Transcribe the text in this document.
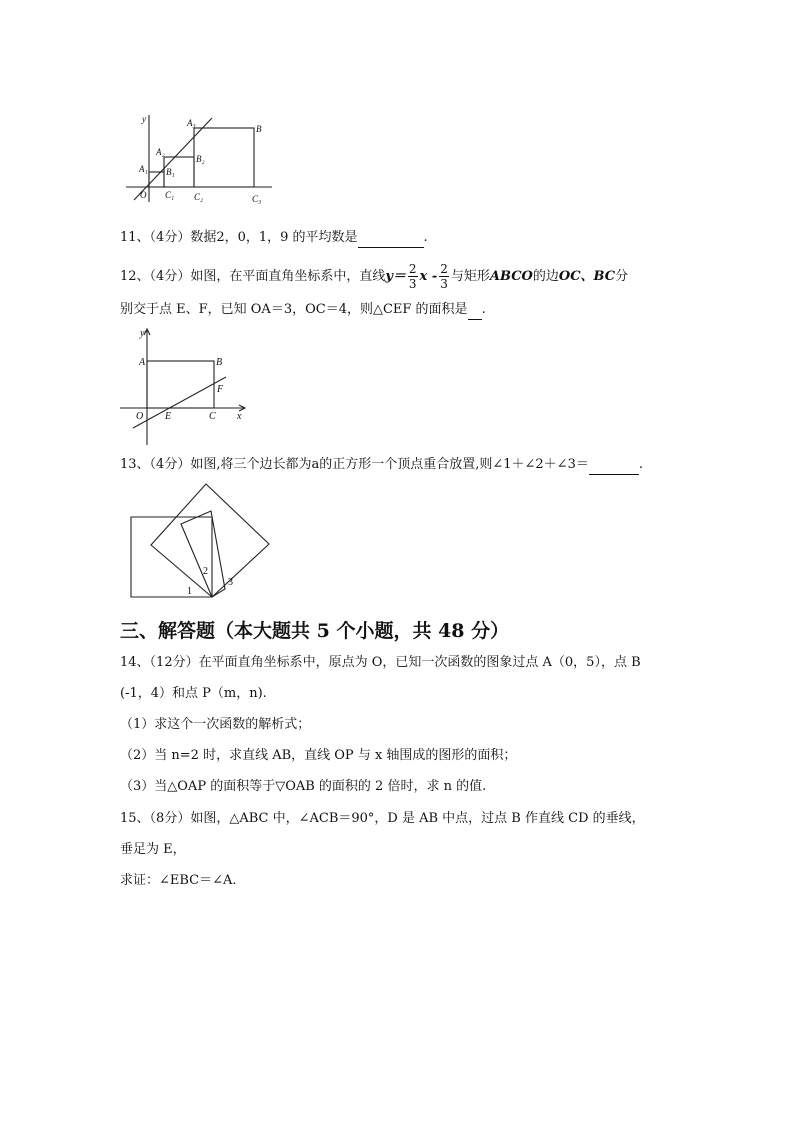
y	A₃
B
A₂
B₂
A₁ B₁
O C₁ C₂	C₃
11、（4分）数据2，0，1，9 的平均数是	.
12、（4分）如图，在平面直角坐标系中，直线$y= \frac{2}{3}$ x - $\frac{2}{3}$ 与矩形ABCO的边OC、BC分
别交于点 E、F，已知 OA＝3，OC＝4，则△CEF 的面积是 .
y
A	B
F
O E	C x
13、（4分）如图,将三个边长都为a的正方形一个顶点重合放置,则∠1＋∠2＋∠3＝	.
1
2
3
三、解答题（本大题共 5 个小题，共 48 分）
14、（12分）在平面直角坐标系中，原点为 O，已知一次函数的图象过点 A（0，5），点 B
(-1，4）和点 P（m，n).
（1）求这个一次函数的解析式；
（2）当 n=2 时，求直线 AB，直线 OP 与 x 轴围成的图形的面积；
（3）当△OAP 的面积等于▽OAB 的面积的 2 倍时，求 n 的值.
15、（8分）如图，△ABC 中，∠ACB＝90°，D 是 AB 中点，过点 B 作直线 CD 的垂线，
垂足为 E，
求证：∠EBC＝∠A.
